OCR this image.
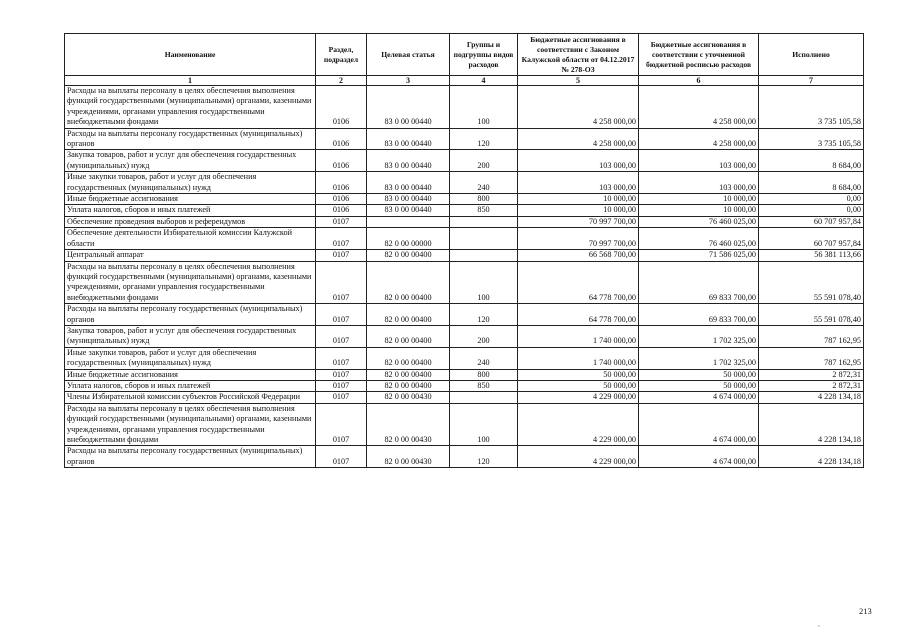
Наименование	Раздел, подраздел	Целевая статья	Группы и подгруппы видов расходов	Бюджетные ассигнования в соответствии с Законом Калужской области от 04.12.2017 № 278-ОЗ	Бюджетные ассигнования в соответствии с уточненной бюджетной росписью расходов	Исполнено
1	2	3	4	5	6	7
Расходы на выплаты персоналу в целях обеспечения выполнения функций государственными (муниципальными) органами, казенными учреждениями, органами управления государственными внебюджетными фондами	0106	83 0 00 00440	100	4 258 000,00	4 258 000,00	3 735 105,58
Расходы на выплаты персоналу государственных (муниципальных) органов	0106	83 0 00 00440	120	4 258 000,00	4 258 000,00	3 735 105,58
Закупка товаров, работ и услуг для обеспечения государственных (муниципальных) нужд	0106	83 0 00 00440	200	103 000,00	103 000,00	8 684,00
Иные закупки товаров, работ и услуг для обеспечения государственных (муниципальных) нужд	0106	83 0 00 00440	240	103 000,00	103 000,00	8 684,00
Иные бюджетные ассигнования	0106	83 0 00 00440	800	10 000,00	10 000,00	0,00
Уплата налогов, сборов и иных платежей	0106	83 0 00 00440	850	10 000,00	10 000,00	0,00
Обеспечение проведения выборов и референдумов	0107			70 997 700,00	76 460 025,00	60 707 957,84
Обеспечение деятельности Избирательной комиссии Калужской области	0107	82 0 00 00000		70 997 700,00	76 460 025,00	60 707 957,84
Центральный аппарат	0107	82 0 00 00400		66 568 700,00	71 586 025,00	56 381 113,66
Расходы на выплаты персоналу в целях обеспечения выполнения функций государственными (муниципальными) органами, казенными учреждениями, органами управления государственными внебюджетными фондами	0107	82 0 00 00400	100	64 778 700,00	69 833 700,00	55 591 078,40
Расходы на выплаты персоналу государственных (муниципальных) органов	0107	82 0 00 00400	120	64 778 700,00	69 833 700,00	55 591 078,40
Закупка товаров, работ и услуг для обеспечения государственных (муниципальных) нужд	0107	82 0 00 00400	200	1 740 000,00	1 702 325,00	787 162,95
Иные закупки товаров, работ и услуг для обеспечения государственных (муниципальных) нужд	0107	82 0 00 00400	240	1 740 000,00	1 702 325,00	787 162,95
Иные бюджетные ассигнования	0107	82 0 00 00400	800	50 000,00	50 000,00	2 872,31
Уплата налогов, сборов и иных платежей	0107	82 0 00 00400	850	50 000,00	50 000,00	2 872,31
Члены Избирательной комиссии субъектов Российской Федерации	0107	82 0 00 00430		4 229 000,00	4 674 000,00	4 228 134,18
Расходы на выплаты персоналу в целях обеспечения выполнения функций государственными (муниципальными) органами, казенными учреждениями, органами управления государственными внебюджетными фондами	0107	82 0 00 00430	100	4 229 000,00	4 674 000,00	4 228 134,18
Расходы на выплаты персоналу государственных (муниципальных) органов	0107	82 0 00 00430	120	4 229 000,00	4 674 000,00	4 228 134,18
213
,
